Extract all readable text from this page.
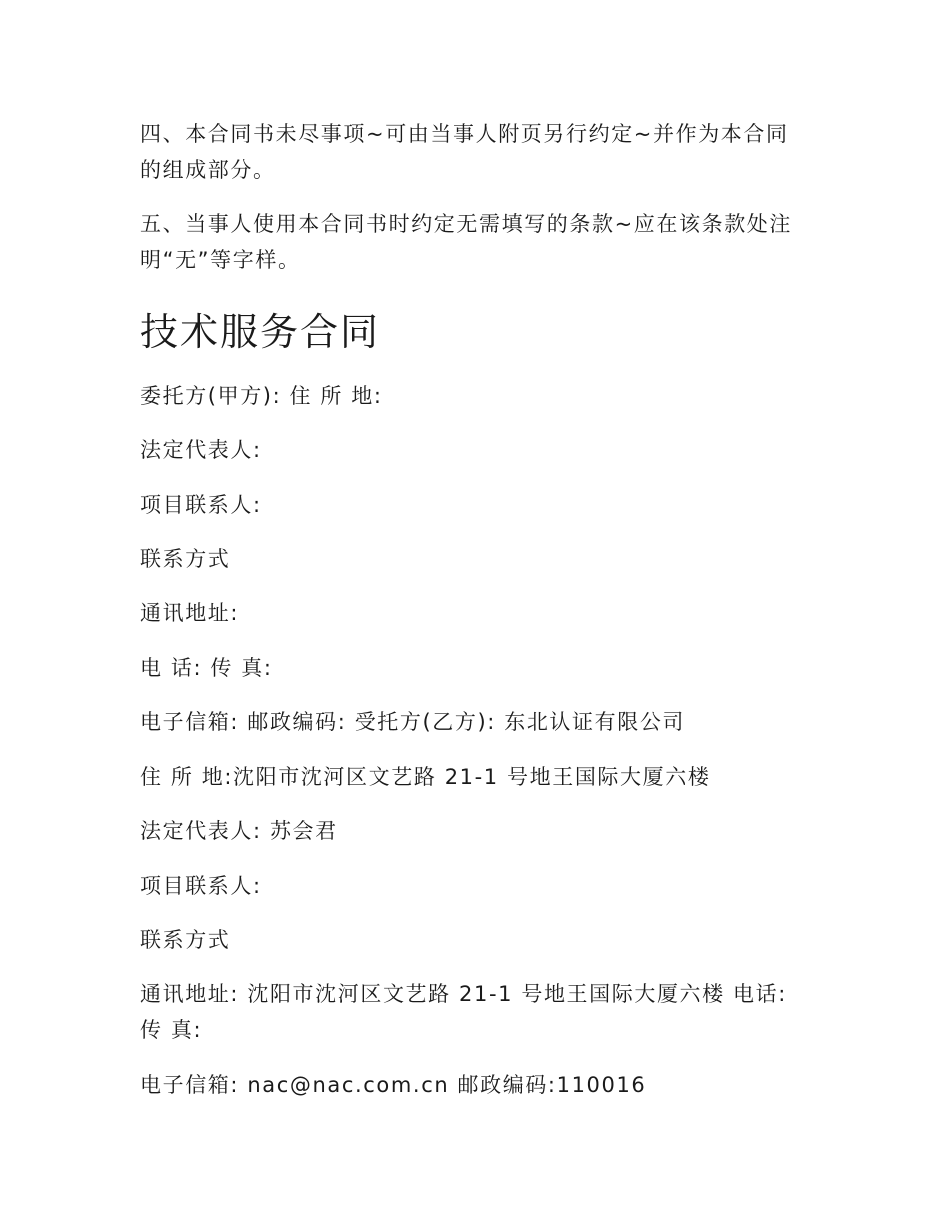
四、本合同书未尽事项~可由当事人附页另行约定~并作为本合同的组成部分。
五、当事人使用本合同书时约定无需填写的条款~应在该条款处注明“无”等字样。
技术服务合同
委托方(甲方): 住 所 地:
法定代表人:
项目联系人:
联系方式
通讯地址:
电 话: 传 真:
电子信箱: 邮政编码: 受托方(乙方): 东北认证有限公司
住 所 地:沈阳市沈河区文艺路 21-1 号地王国际大厦六楼
法定代表人: 苏会君
项目联系人:
联系方式
通讯地址: 沈阳市沈河区文艺路 21-1 号地王国际大厦六楼 电话: 传 真:
电子信箱: nac@nac.com.cn 邮政编码:110016
